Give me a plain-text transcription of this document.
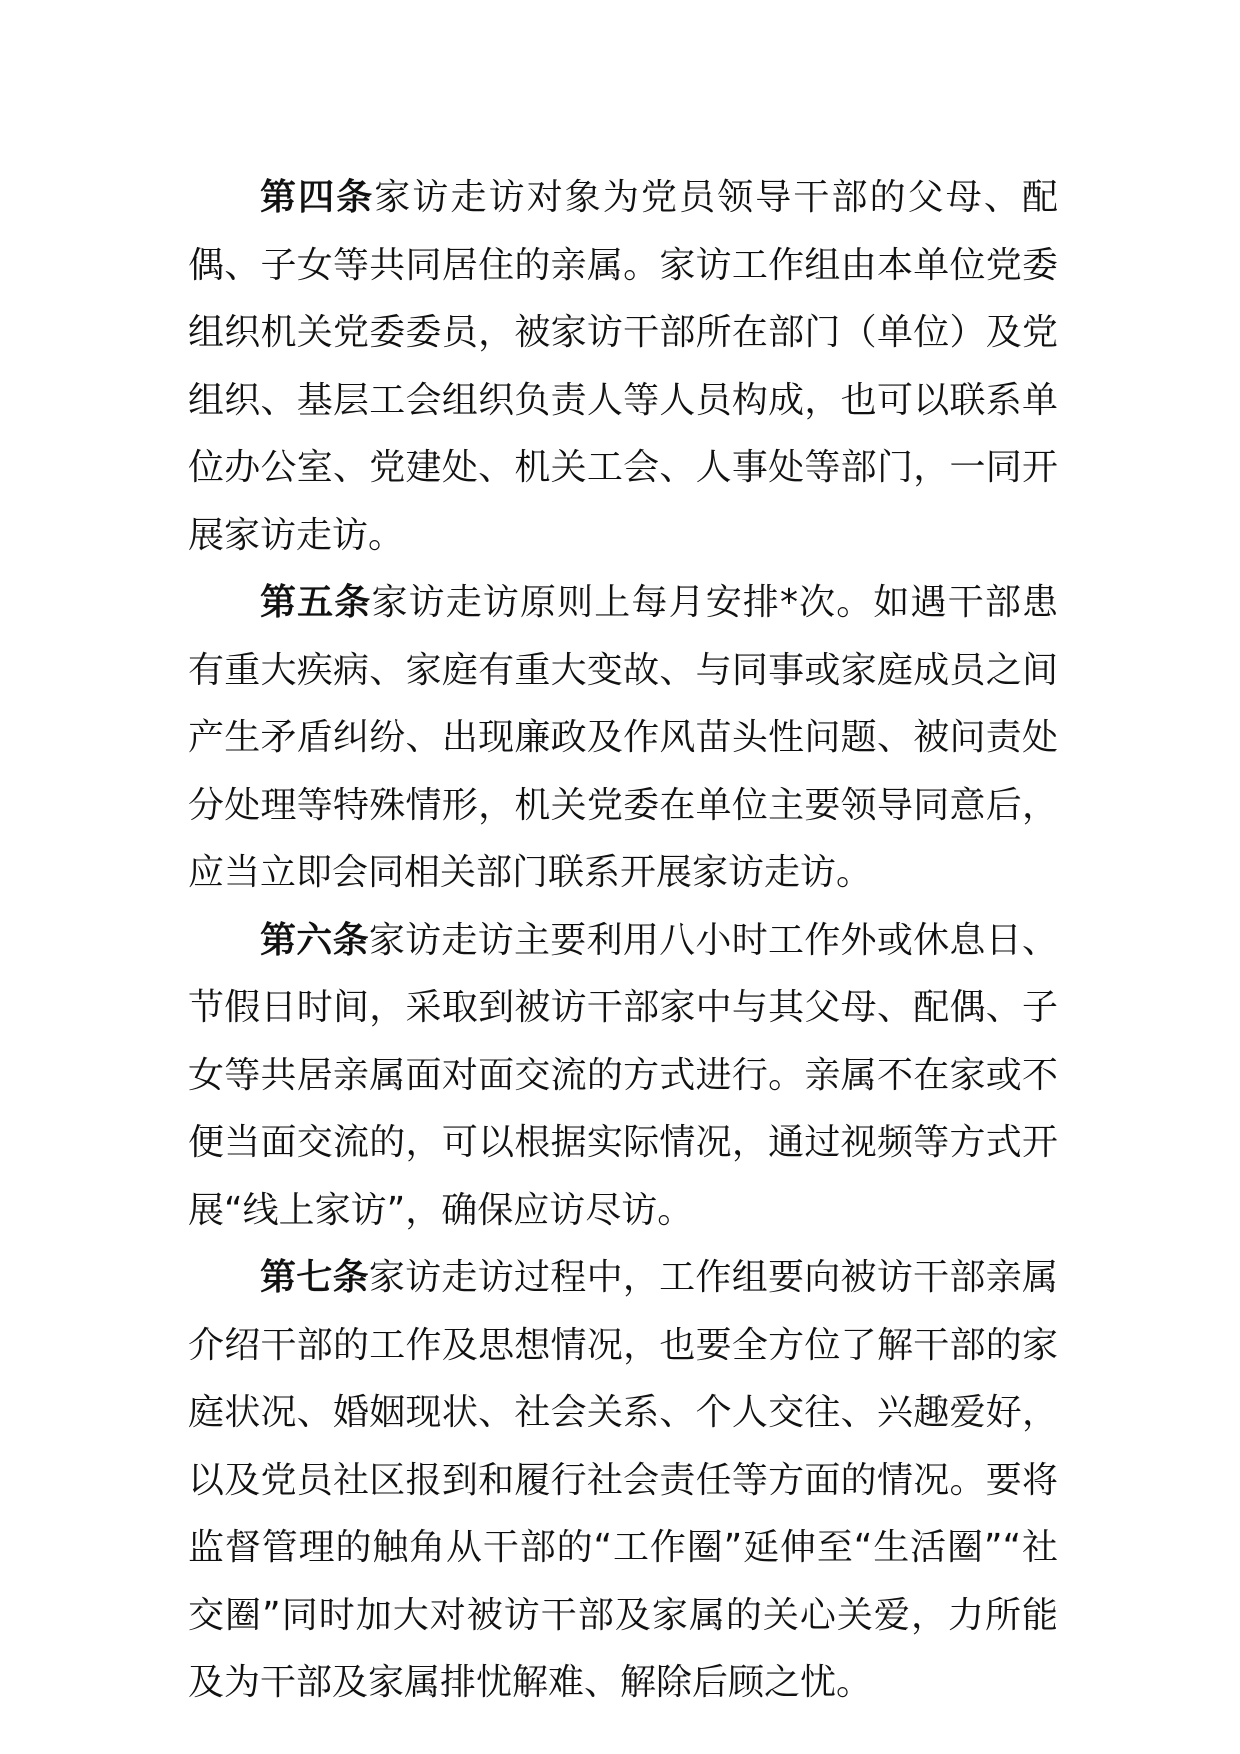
第四条家访走访对象为党员领导干部的父母、配偶、子女等共同居住的亲属。家访工作组由本单位党委组织机关党委委员，被家访干部所在部门（单位）及党组织、基层工会组织负责人等人员构成，也可以联系单位办公室、党建处、机关工会、人事处等部门，一同开展家访走访。

第五条家访走访原则上每月安排*次。如遇干部患有重大疾病、家庭有重大变故、与同事或家庭成员之间产生矛盾纠纷、出现廉政及作风苗头性问题、被问责处分处理等特殊情形，机关党委在单位主要领导同意后，应当立即会同相关部门联系开展家访走访。

第六条家访走访主要利用八小时工作外或休息日、节假日时间，采取到被访干部家中与其父母、配偶、子女等共居亲属面对面交流的方式进行。亲属不在家或不便当面交流的，可以根据实际情况，通过视频等方式开展“线上家访”，确保应访尽访。

第七条家访走访过程中，工作组要向被访干部亲属介绍干部的工作及思想情况，也要全方位了解干部的家庭状况、婚姻现状、社会关系、个人交往、兴趣爱好，以及党员社区报到和履行社会责任等方面的情况。要将监督管理的触角从干部的“工作圈”延伸至“生活圈”“社交圈”同时加大对被访干部及家属的关心关爱，力所能及为干部及家属排忧解难、解除后顾之忧。
